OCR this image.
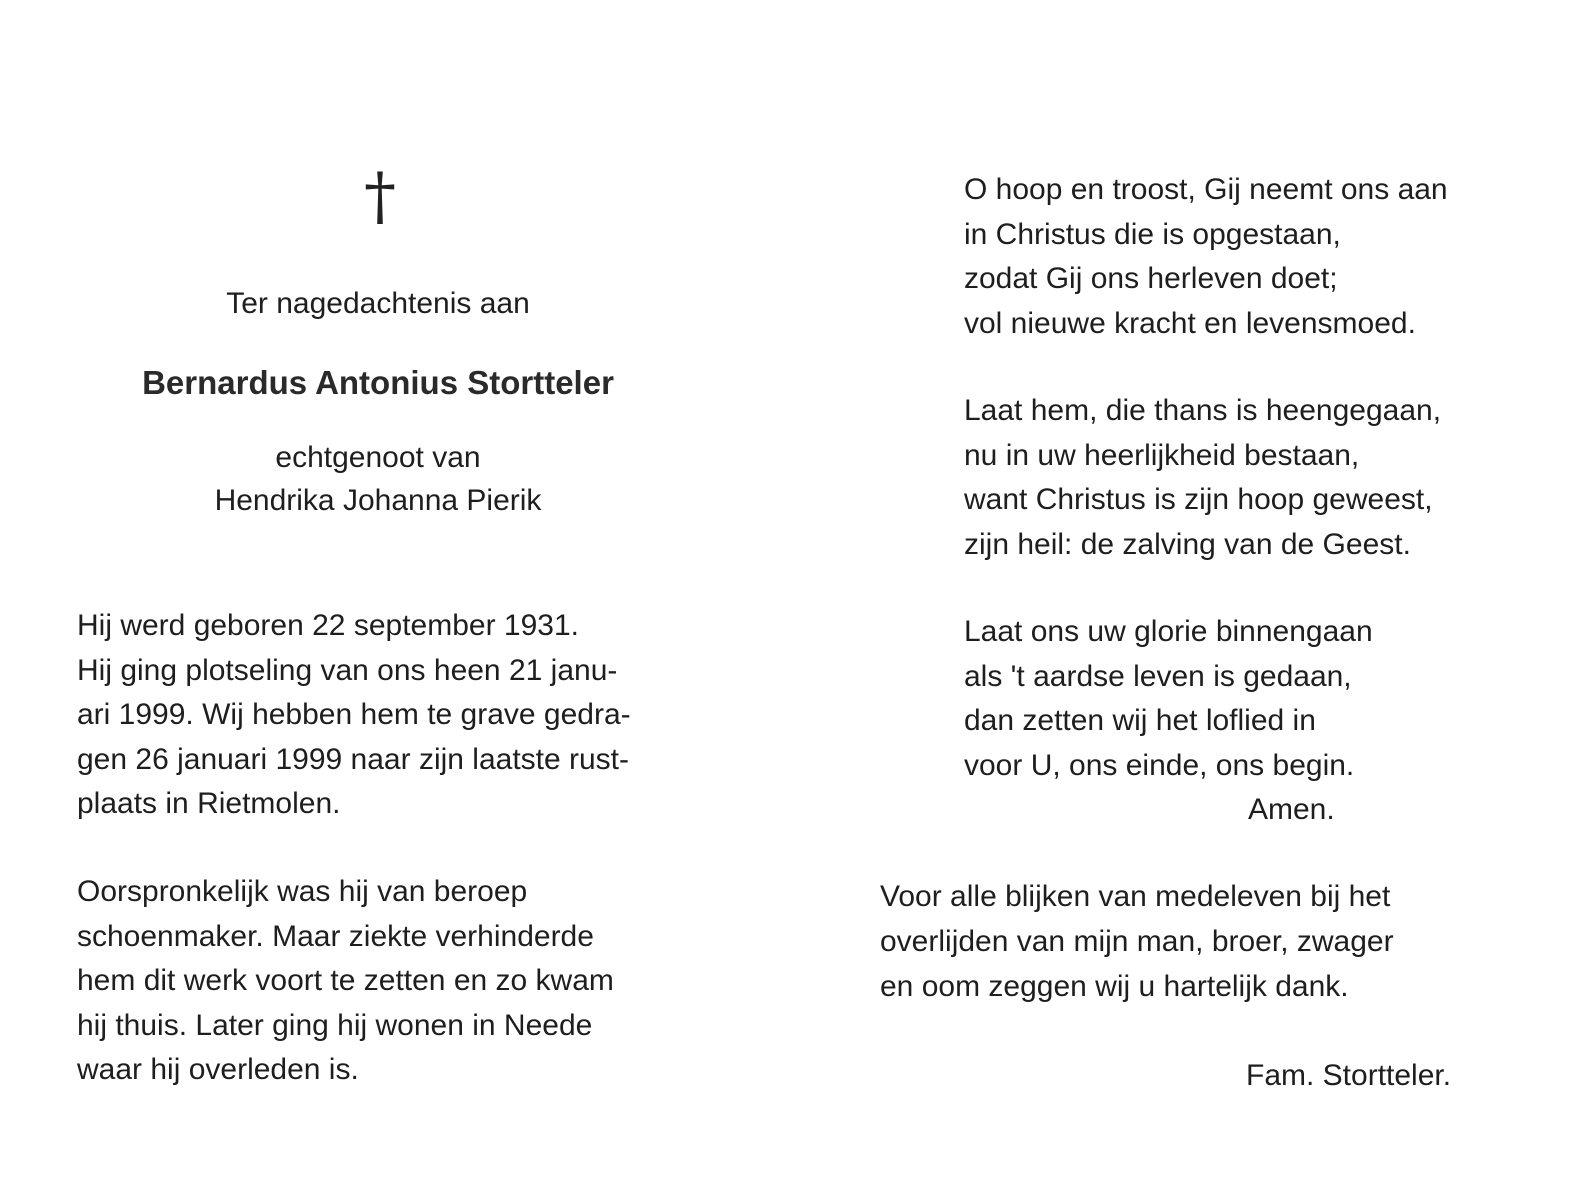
†
Ter nagedachtenis aan
Bernardus Antonius Stortteler
echtgenoot van
Hendrika Johanna Pierik
Hij werd geboren 22 september 1931.
Hij ging plotseling van ons heen 21 janu-
ari 1999. Wij hebben hem te grave gedra-
gen 26 januari 1999 naar zijn laatste rust-
plaats in Rietmolen.
Oorspronkelijk was hij van beroep
schoenmaker. Maar ziekte verhinderde
hem dit werk voort te zetten en zo kwam
hij thuis. Later ging hij wonen in Neede
waar hij overleden is.
O hoop en troost, Gij neemt ons aan
in Christus die is opgestaan,
zodat Gij ons herleven doet;
vol nieuwe kracht en levensmoed.
Laat hem, die thans is heengegaan,
nu in uw heerlijkheid bestaan,
want Christus is zijn hoop geweest,
zijn heil: de zalving van de Geest.
Laat ons uw glorie binnengaan
als 't aardse leven is gedaan,
dan zetten wij het loflied in
voor U, ons einde, ons begin.
Amen.
Voor alle blijken van medeleven bij het
overlijden van mijn man, broer, zwager
en oom zeggen wij u hartelijk dank.
Fam. Stortteler.
